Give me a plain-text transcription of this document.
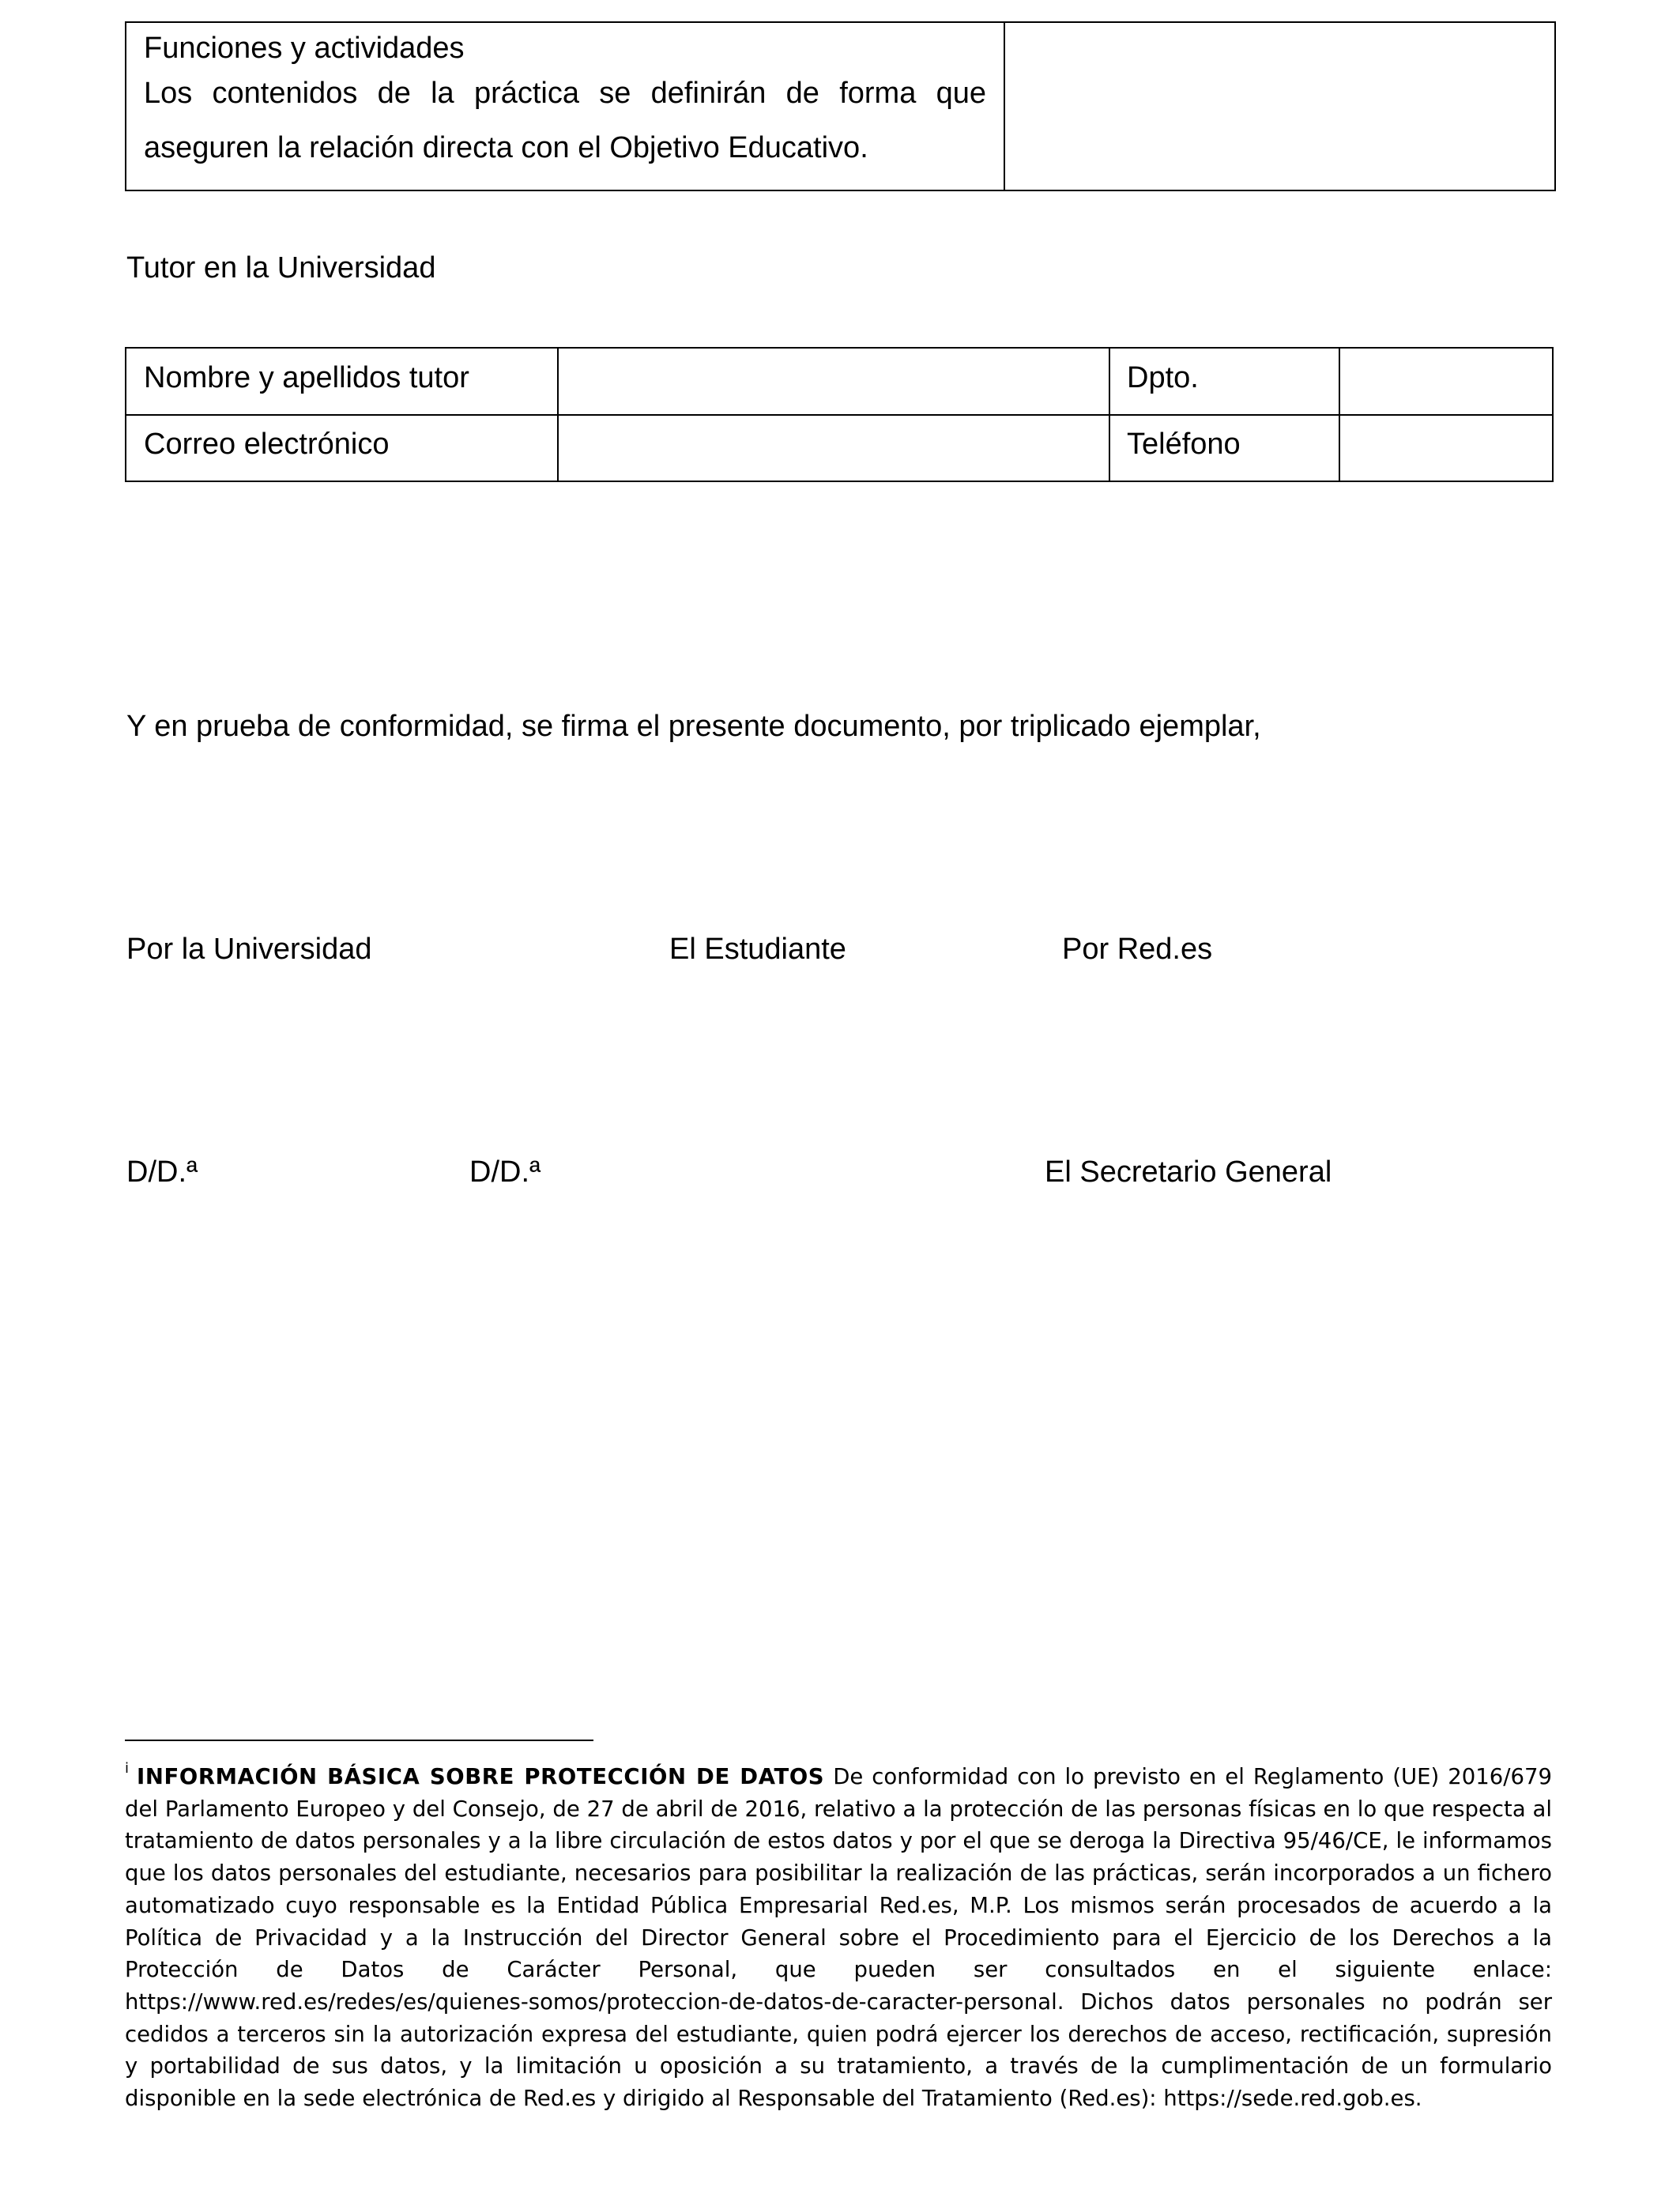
Funciones y actividades
Los contenidos de la práctica se definirán de forma que
aseguren la relación directa con el Objetivo Educativo.
Tutor en la Universidad
Nombre y apellidos tutor	Dpto.
Correo electrónico	Teléfono
Y en prueba de conformidad, se firma el presente documento, por triplicado ejemplar,
Por la Universidad	El Estudiante	Por Red.es
D/D.ª	D/D.ª	El Secretario General
$^i$ INFORMACIÓN BÁSICA SOBRE PROTECCIÓN DE DATOS De conformidad con lo previsto en el Reglamento (UE) 2016/679 del Parlamento Europeo y del Consejo, de 27 de abril de 2016, relativo a la protección de las personas físicas en lo que respecta al tratamiento de datos personales y a la libre circulación de estos datos y por el que se deroga la Directiva 95/46/CE, le informamos que los datos personales del estudiante, necesarios para posibilitar la realización de las prácticas, serán incorporados a un fichero automatizado cuyo responsable es la Entidad Pública Empresarial Red.es, M.P. Los mismos serán procesados de acuerdo a la Política de Privacidad y a la Instrucción del Director General sobre el Procedimiento para el Ejercicio de los Derechos a la Protección de Datos de Carácter Personal, que pueden ser consultados en el siguiente enlace: https://www.red.es/redes/es/quienes-somos/proteccion-de-datos-de-caracter-personal. Dichos datos personales no podrán ser cedidos a terceros sin la autorización expresa del estudiante, quien podrá ejercer los derechos de acceso, rectificación, supresión y portabilidad de sus datos, y la limitación u oposición a su tratamiento, a través de la cumplimentación de un formulario disponible en la sede electrónica de Red.es y dirigido al Responsable del Tratamiento (Red.es): https://sede.red.gob.es.
